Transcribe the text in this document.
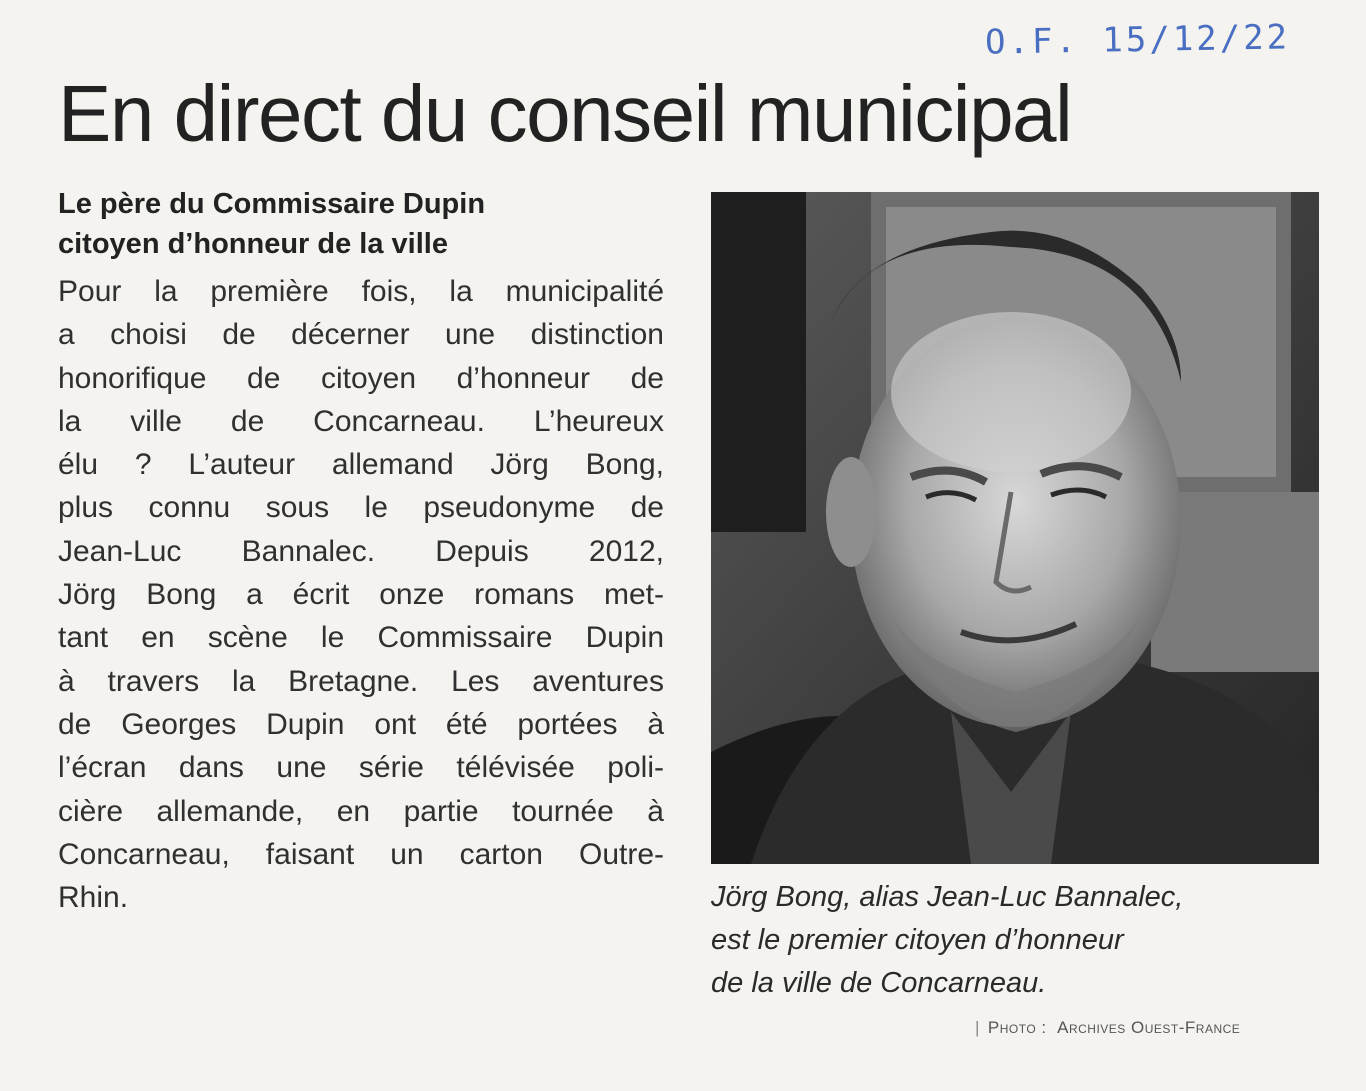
O.F. 15/12/22
En direct du conseil municipal
Le père du Commissaire Dupin
citoyen d’honneur de la ville
Pour la première fois, la municipalité
a choisi de décerner une distinction
honorifique de citoyen d’honneur de
la ville de Concarneau. L’heureux
élu ? L’auteur allemand Jörg Bong,
plus connu sous le pseudonyme de
Jean-Luc Bannalec. Depuis 2012,
Jörg Bong a écrit onze romans met-
tant en scène le Commissaire Dupin
à travers la Bretagne. Les aventures
de Georges Dupin ont été portées à
l’écran dans une série télévisée poli-
cière allemande, en partie tournée à
Concarneau, faisant un carton Outre-
Rhin.	Jörg Bong, alias Jean-Luc Bannalec,
est le premier citoyen d’honneur
de la ville de Concarneau.
| Photo : Archives Ouest-France
